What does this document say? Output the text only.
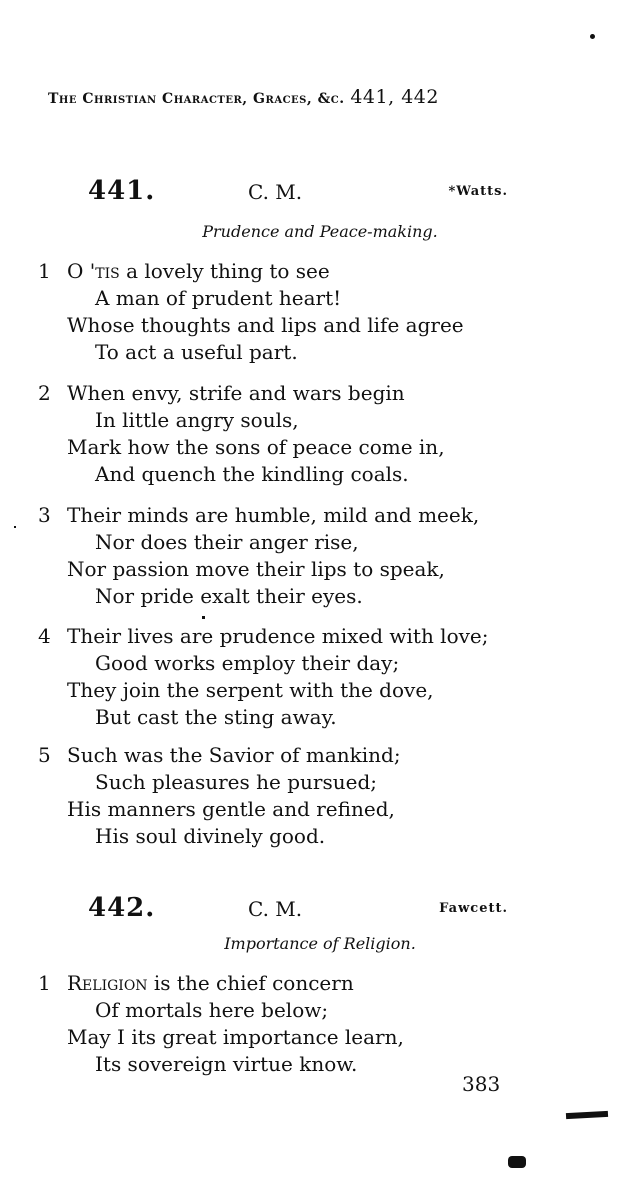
The Christian Character, Graces, &c. 441, 442
441.	C. M.	*Watts.
Prudence and Peace-making.
1 O 'tis a lovely thing to see
A man of prudent heart!
Whose thoughts and lips and life agree
To act a useful part.
2 When envy, strife and wars begin
In little angry souls,
Mark how the sons of peace come in,
And quench the kindling coals.
3 Their minds are humble, mild and meek,
Nor does their anger rise,
Nor passion move their lips to speak,
Nor pride exalt their eyes.
4 Their lives are prudence mixed with love;
Good works employ their day;
They join the serpent with the dove,
But cast the sting away.
5 Such was the Savior of mankind;
Such pleasures he pursued;
His manners gentle and refined,
His soul divinely good.
442.	C. M.	Fawcett.
Importance of Religion.
1 Religion is the chief concern
Of mortals here below;
May I its great importance learn,
Its sovereign virtue know.
383
